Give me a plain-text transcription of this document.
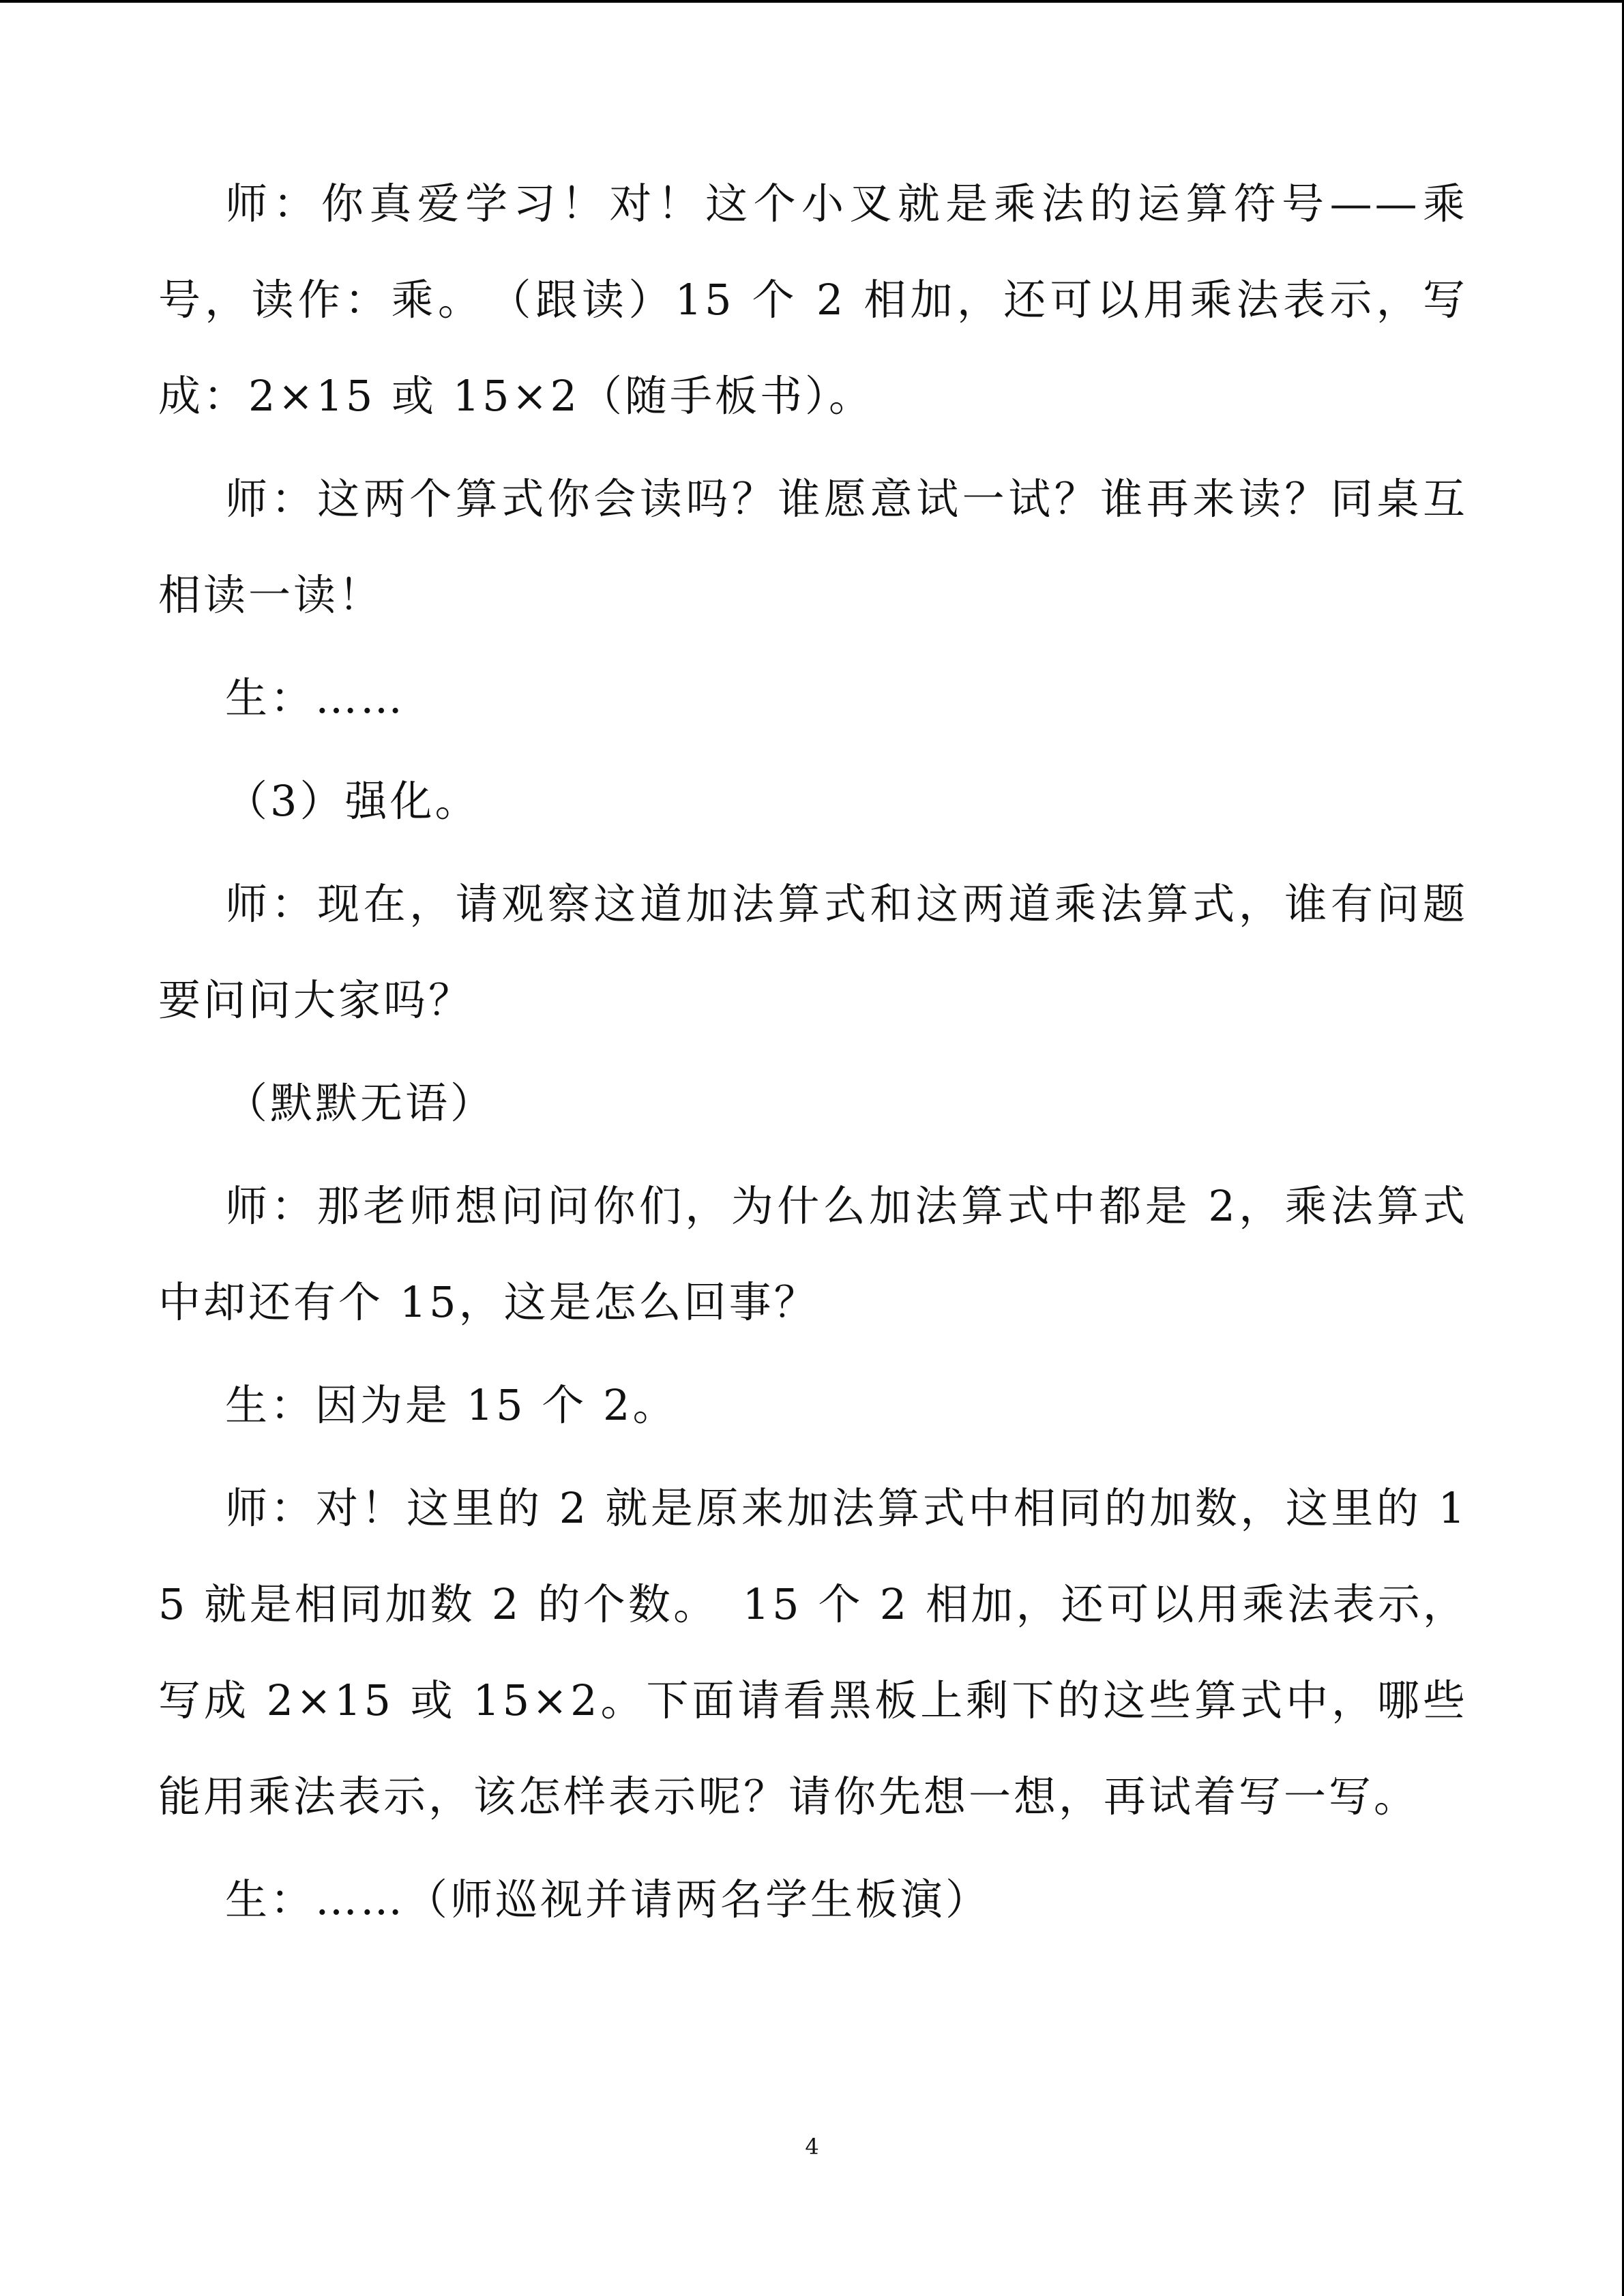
师：你真爱学习！对！这个小叉就是乘法的运算符号——乘号，读作：乘。　（跟读）15 个 2 相加，还可以用乘法表示，写成：2×15 或 15×2（随手板书）。

师：这两个算式你会读吗？谁愿意试一试？谁再来读？同桌互相读一读！

生：……

（3）强化。

师：现在，请观察这道加法算式和这两道乘法算式，谁有问题要问问大家吗？

（默默无语）

师：那老师想问问你们，为什么加法算式中都是 2，乘法算式中却还有个 15，这是怎么回事？

生：因为是 15 个 2。

师：对！这里的 2 就是原来加法算式中相同的加数，这里的 15 就是相同加数 2 的个数。　15 个 2 相加，还可以用乘法表示，写成 2×15 或 15×2。下面请看黑板上剩下的这些算式中，哪些能用乘法表示，该怎样表示呢？请你先想一想，再试着写一写。

生：……（师巡视并请两名学生板演）

4
